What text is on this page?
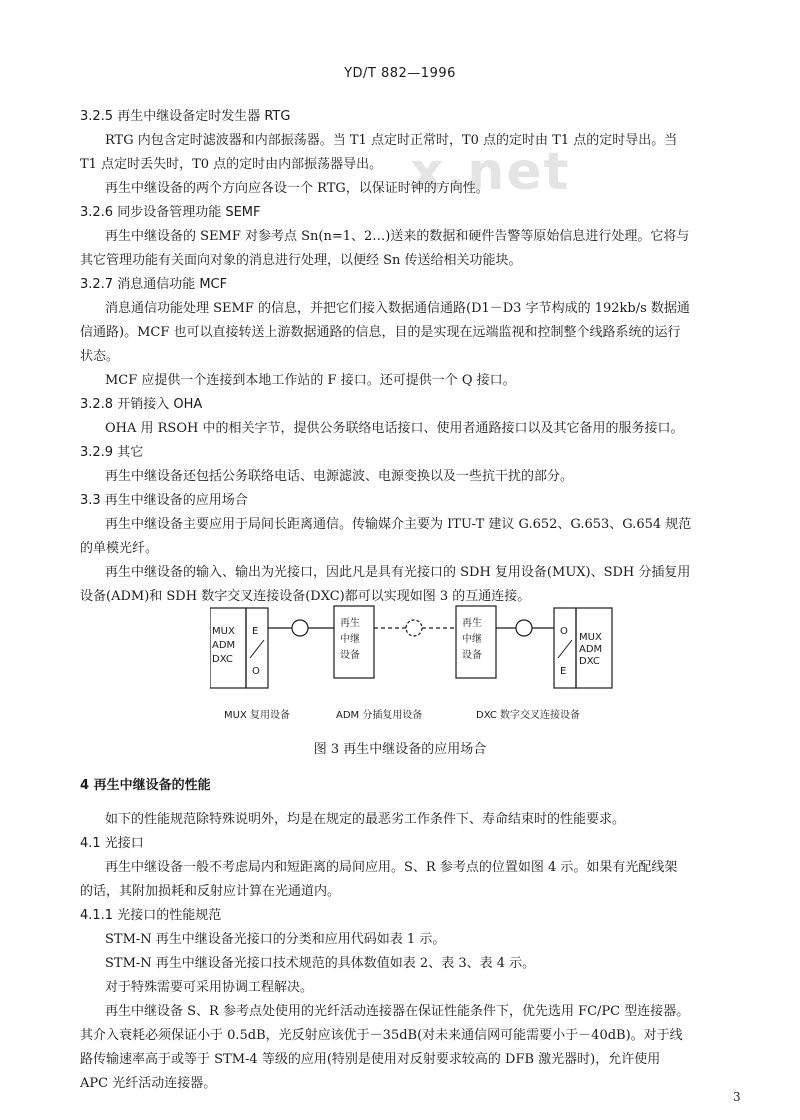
YD/T 882—1996
x.net
3.2.5 再生中继设备定时发生器 RTG
RTG 内包含定时滤波器和内部振荡器。当 T1 点定时正常时，T0 点的定时由 T1 点的定时导出。当
T1 点定时丢失时，T0 点的定时由内部振荡器导出。
再生中继设备的两个方向应各设一个 RTG，以保证时钟的方向性。
3.2.6 同步设备管理功能 SEMF
再生中继设备的 SEMF 对参考点 Sn(n=1、2…)送来的数据和硬件告警等原始信息进行处理。它将与
其它管理功能有关面向对象的消息进行处理，以便经 Sn 传送给相关功能块。
3.2.7 消息通信功能 MCF
消息通信功能处理 SEMF 的信息，并把它们接入数据通信通路(D1－D3 字节构成的 192kb/s 数据通
信通路)。MCF 也可以直接转送上游数据通路的信息，目的是实现在远端监视和控制整个线路系统的运行
状态。
MCF 应提供一个连接到本地工作站的 F 接口。还可提供一个 Q 接口。
3.2.8 开销接入 OHA
OHA 用 RSOH 中的相关字节，提供公务联络电话接口、使用者通路接口以及其它备用的服务接口。
3.2.9 其它
再生中继设备还包括公务联络电话、电源滤波、电源变换以及一些抗干扰的部分。
3.3 再生中继设备的应用场合
再生中继设备主要应用于局间长距离通信。传输媒介主要为 ITU-T 建议 G.652、G.653、G.654 规范
的单模光纤。
再生中继设备的输入、输出为光接口，因此凡是具有光接口的 SDH 复用设备(MUX)、SDH 分插复用
MUX
ADM
DXC
E
O
再生
中继
设备
再生
中继
设备
O
E
MUX
ADM
DXC
MUX 复用设备	ADM 分插复用设备	DXC 数字交叉连接设备
图 3 再生中继设备的应用场合
4 再生中继设备的性能
如下的性能规范除特殊说明外，均是在规定的最恶劣工作条件下、寿命结束时的性能要求。
4.1 光接口
再生中继设备一般不考虑局内和短距离的局间应用。S、R 参考点的位置如图 4 示。如果有光配线架
的话，其附加损耗和反射应计算在光通道内。
4.1.1 光接口的性能规范
STM-N 再生中继设备光接口的分类和应用代码如表 1 示。
STM-N 再生中继设备光接口技术规范的具体数值如表 2、表 3、表 4 示。
对于特殊需要可采用协调工程解决。
再生中继设备 S、R 参考点处使用的光纤活动连接器在保证性能条件下，优先选用 FC/PC 型连接器。
其介入衰耗必须保证小于 0.5dB，光反射应该优于－35dB(对未来通信网可能需要小于－40dB)。对于线
路传输速率高于或等于 STM-4 等级的应用(特别是使用对反射要求较高的 DFB 激光器时)，允许使用
APC 光纤活动连接器。
3
设备(ADM)和 SDH 数字交叉连接设备(DXC)都可以实现如图 3 的互通连接。
